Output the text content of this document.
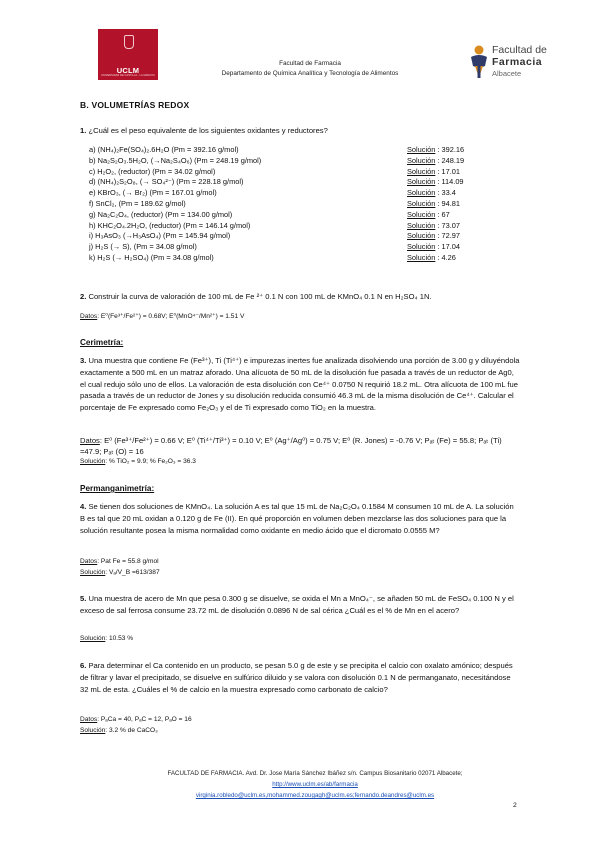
UCLM
UNIVERSIDAD DE CASTILLA - LA MANCHA
Facultad de Farmacia
Departamento de Química Analítica y Tecnología de Alimentos
Facultad de
Farmacia
Albacete
B. VOLUMETRÍAS REDOX
1. ¿Cuál es el peso equivalente de los siguientes oxidantes y reductores?
a) (NH₄)₂Fe(SO₄)₂.6H₂O (Pm = 392.16 g/mol)	Solución : 392.16
b) Na₂S₂O₃.5H₂O, (→Na₂S₄O₆) (Pm = 248.19 g/mol)	Solución : 248.19
c) H₂O₂, (reductor) (Pm = 34.02 g/mol)	Solución : 17.01
d) (NH₄)₂S₂O₈, (→ SO₄²⁻) (Pm = 228.18 g/mol)	Solución : 114.09
e) KBrO₃, (→ Br₂) (Pm = 167.01 g/mol)	Solución : 33.4
f) SnCl₂, (Pm = 189.62 g/mol)	Solución : 94.81
g) Na₂C₂O₄, (reductor) (Pm = 134.00 g/mol)	Solución : 67
h) KHC₂O₄.2H₂O, (reductor) (Pm = 146.14 g/mol)	Solución : 73.07
i) H₃AsO₃ (→H₃AsO₄) (Pm = 145.94 g/mol)	Solución : 72.97
j) H₂S (→ S), (Pm = 34.08 g/mol)	Solución : 17.04
k) H₂S (→ H₂SO₄) (Pm = 34.08 g/mol)	Solución : 4.26
2. Construir la curva de valoración de 100 mL de Fe ²⁺ 0.1 N con 100 mL de KMnO₄ 0.1 N en H₂SO₄ 1N.
Datos: E⁰(Fe³⁺/Fe²⁺) = 0.68V; E⁰(MnO⁴⁻/Mn²⁺) = 1.51 V
Cerimetría:
3. Una muestra que contiene Fe (Fe³⁺), Ti (Ti⁴⁺) e impurezas inertes fue analizada disolviendo una porción de 3.00 g y diluyéndola exactamente a 500 mL en un matraz aforado. Una alícuota de 50 mL de la disolución fue pasada a través de un reductor de Ag0, el cual redujo sólo uno de ellos. La valoración de esta disolución con Ce⁴⁺ 0.0750 N requirió 18.2 mL. Otra alícuota de 100 mL fue pasada a través de un reductor de Jones y su disolución reducida consumió 46.3 mL de la misma disolución de Ce⁴⁺. Calcular el porcentaje de Fe expresado como Fe₂O₃ y el de Ti expresado como TiO₂ en la muestra.
Datos: E⁰ (Fe³⁺/Fe²⁺) = 0.66 V; E⁰ (Ti⁴⁺/Ti³⁺) = 0.10 V; E⁰ (Ag⁺/Ag⁰) = 0.75 V; E⁰ (R. Jones) = -0.76 V; Pₐₜ (Fe) = 55.8; Pₐₜ (Ti) =47.9; Pₐₜ (O) = 16
Solución: % TiO₂ = 9.9; % Fe₂O₃ = 36.3
Permanganimetría:
4. Se tienen dos soluciones de KMnO₄. La solución A es tal que 15 mL de Na₂C₂O₄ 0.1584 M consumen 10 mL de A. La solución B es tal que 20 mL oxidan a 0.120 g de Fe (II). En qué proporción en volumen deben mezclarse las dos soluciones para que la solución resultante posea la misma normalidad como oxidante en medio ácido que el dicromato 0.0555 M?
Datos: Pat Fe = 55.8 g/mol
Solución: Vₐ/V_B =613/387
5. Una muestra de acero de Mn que pesa 0.300 g se disuelve, se oxida el Mn a MnO₄⁻, se añaden 50 mL de FeSO₄ 0.100 N y el exceso de sal ferrosa consume 23.72 mL de disolución 0.0896 N de sal cérica ¿Cuál es el % de Mn en el acero?
Solución: 10.53 %
6. Para determinar el Ca contenido en un producto, se pesan 5.0 g de este y se precipita el calcio con oxalato amónico; después de filtrar y lavar el precipitado, se disuelve en sulfúrico diluido y se valora con disolución 0.1 N de permanganato, necesitándose 32 mL de esta. ¿Cuáles el % de calcio en la muestra expresado como carbonato de calcio?
Datos: PₐCa = 40, PₐC = 12, PₐO = 16
Solución: 3.2 % de CaCO₃
FACULTAD DE FARMACIA. Avd. Dr. Jose María Sánchez Ibáñez s/n. Campus Biosanitario 02071 Albacete;
http://www.uclm.es/ab/farmacia
virginia.robledo@uclm.es,mohammed.zougagh@uclm.es;fernando.deandres@uclm.es
2
